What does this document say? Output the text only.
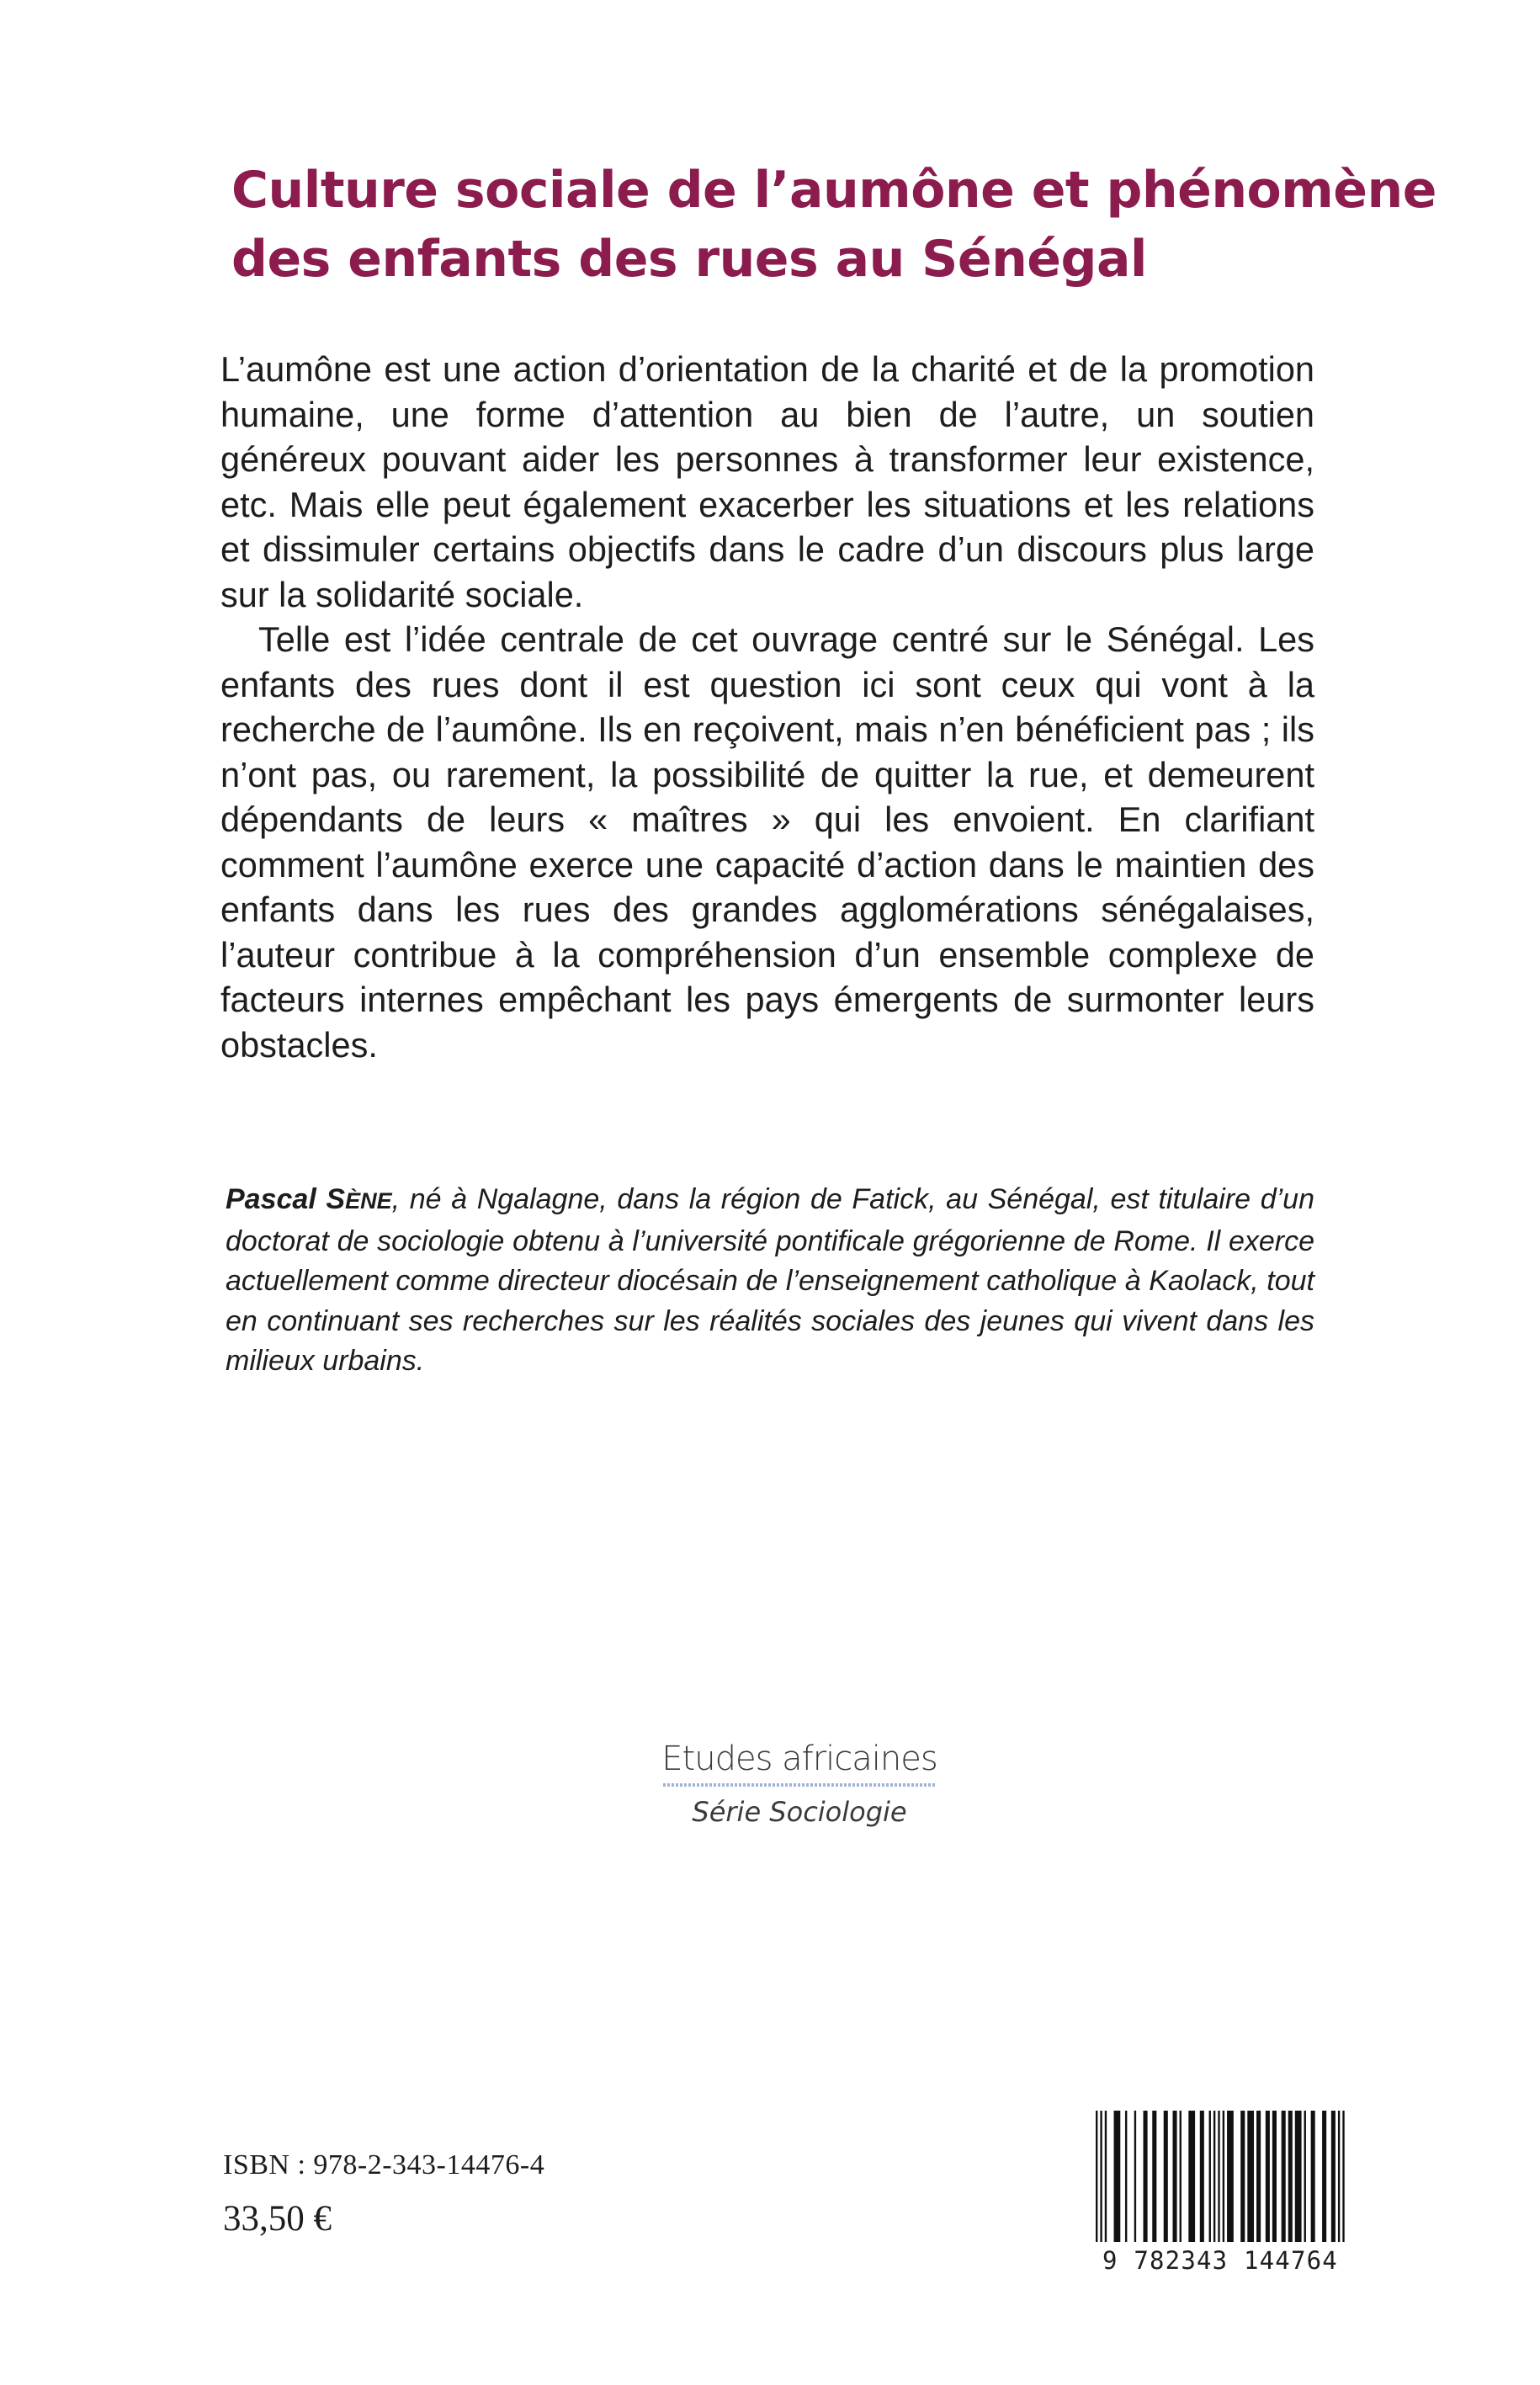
Culture sociale de l’aumône et phénomène
des enfants des rues au Sénégal

L’aumône est une action d’orientation de la charité et de la promotion humaine, une forme d’attention au bien de l’autre, un soutien généreux pouvant aider les personnes à transformer leur existence, etc. Mais elle peut également exacerber les situations et les relations et dissimuler certains objectifs dans le cadre d’un discours plus large sur la solidarité sociale.

Telle est l’idée centrale de cet ouvrage centré sur le Sénégal. Les enfants des rues dont il est question ici sont ceux qui vont à la recherche de l’aumône. Ils en reçoivent, mais n’en bénéficient pas ; ils n’ont pas, ou rarement, la possibilité de quitter la rue, et demeurent dépendants de leurs « maîtres » qui les envoient. En clarifiant comment l’aumône exerce une capacité d’action dans le maintien des enfants dans les rues des grandes agglomérations sénégalaises, l’auteur contribue à la compréhension d’un ensemble complexe de facteurs internes empêchant les pays émergents de surmonter leurs obstacles.

Pascal SÈNE, né à Ngalagne, dans la région de Fatick, au Sénégal, est titulaire d’un doctorat de sociologie obtenu à l’université pontificale grégorienne de Rome. Il exerce actuellement comme directeur diocésain de l’enseignement catholique à Kaolack, tout en continuant ses recherches sur les réalités sociales des jeunes qui vivent dans les milieux urbains.
Etudes africaines
Série Sociologie
ISBN : 978-2-343-14476-4
33,50 €
9 782343 144764
